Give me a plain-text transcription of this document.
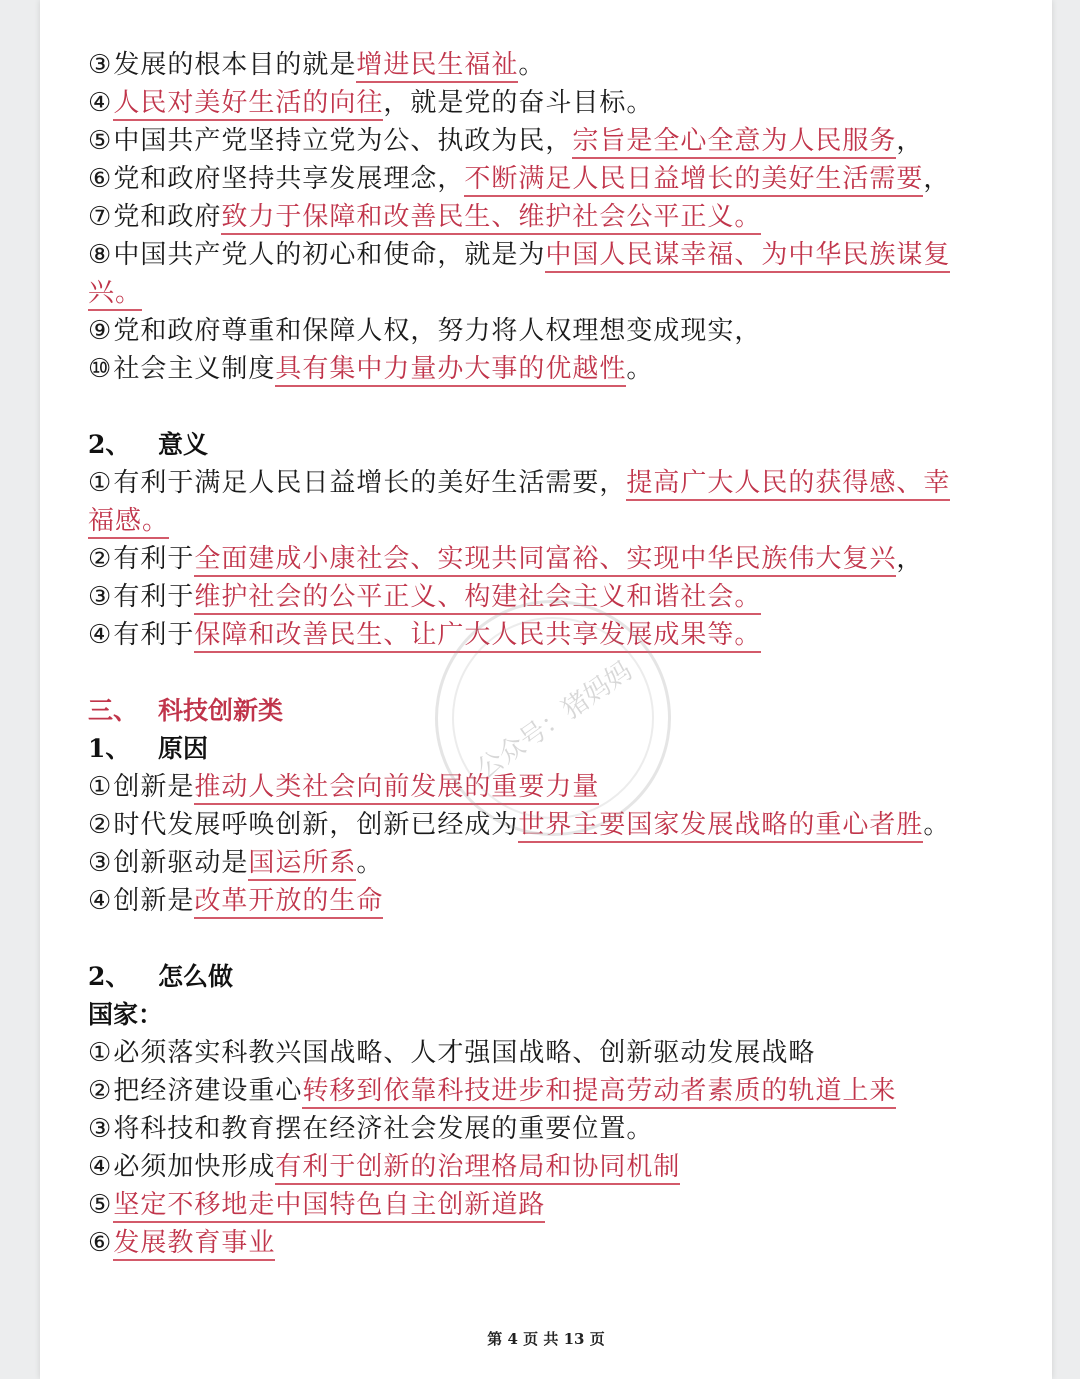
③发展的根本目的就是增进民生福祉。
④人民对美好生活的向往，就是党的奋斗目标。
⑤中国共产党坚持立党为公、执政为民，宗旨是全心全意为人民服务，
⑥党和政府坚持共享发展理念，不断满足人民日益增长的美好生活需要，
⑦党和政府致力于保障和改善民生、维护社会公平正义。
⑧中国共产党人的初心和使命，就是为中国人民谋幸福、为中华民族谋复
兴。
⑨党和政府尊重和保障人权，努力将人权理想变成现实，
⑩社会主义制度具有集中力量办大事的优越性。
2、 意义
①有利于满足人民日益增长的美好生活需要，提高广大人民的获得感、幸
福感。
②有利于全面建成小康社会、实现共同富裕、实现中华民族伟大复兴，
③有利于维护社会的公平正义、构建社会主义和谐社会。
④有利于保障和改善民生、让广大人民共享发展成果等。
三、 科技创新类
1、 原因
①创新是推动人类社会向前发展的重要力量
②时代发展呼唤创新，创新已经成为世界主要国家发展战略的重心者胜。
③创新驱动是国运所系。
④创新是改革开放的生命
2、 怎么做
国家：
①必须落实科教兴国战略、人才强国战略、创新驱动发展战略
②把经济建设重心转移到依靠科技进步和提高劳动者素质的轨道上来
③将科技和教育摆在经济社会发展的重要位置。
④必须加快形成有利于创新的治理格局和协同机制
⑤坚定不移地走中国特色自主创新道路
⑥发展教育事业
公众号：猪妈妈
第 4 页 共 13 页
